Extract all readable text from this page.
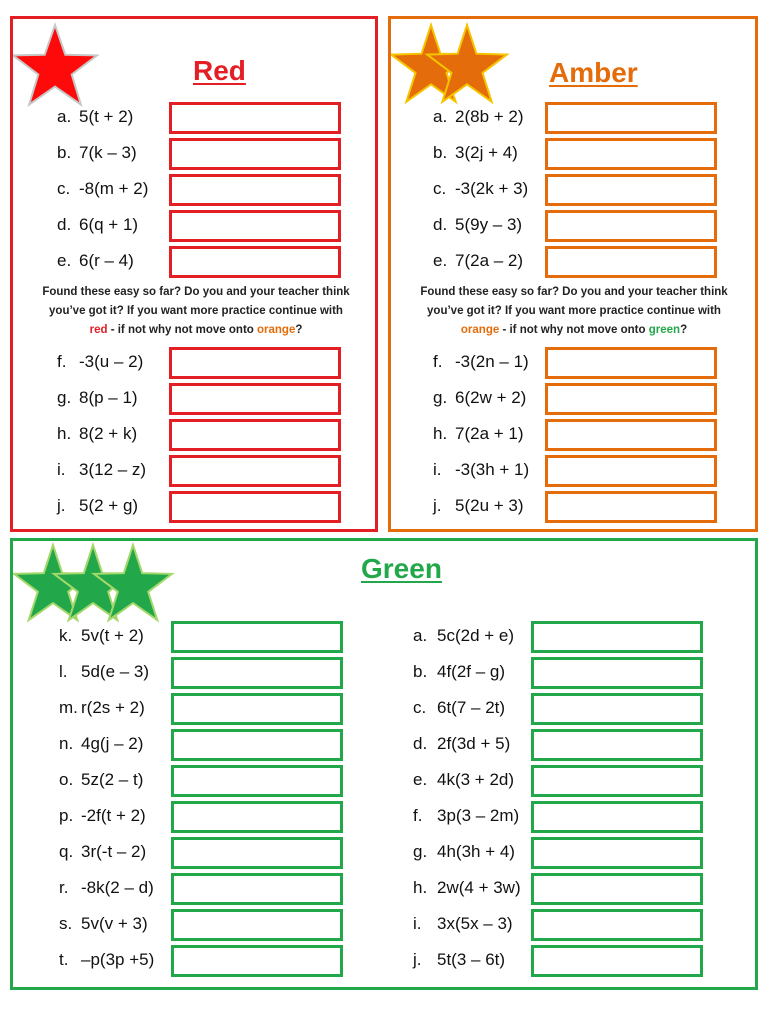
Red
a. 5(t + 2)
b. 7(k – 3)
c. -8(m + 2)
d. 6(q + 1)
e. 6(r – 4)
Found these easy so far? Do you and your teacher think
you’ve got it? If you want more practice continue with
red - if not why not move onto orange?
f. -3(u – 2)
g. 8(p – 1)
h. 8(2 + k)
i. 3(12 – z)
j. 5(2 + g)
Amber
a. 2(8b + 2)
b. 3(2j + 4)
c. -3(2k + 3)
d. 5(9y – 3)
e. 7(2a – 2)
Found these easy so far? Do you and your teacher think
you’ve got it? If you want more practice continue with
orange - if not why not move onto green?
f. -3(2n – 1)
g. 6(2w + 2)
h. 7(2a + 1)
i. -3(3h + 1)
j. 5(2u + 3)
Green
k. 5v(t + 2)
l. 5d(e – 3)
m. r(2s + 2)
n. 4g(j – 2)
o. 5z(2 – t)
p. -2f(t + 2)
q. 3r(-t – 2)
r. -8k(2 – d)
s. 5v(v + 3)
t. –p(3p +5)
a. 5c(2d + e)
b. 4f(2f – g)
c. 6t(7 – 2t)
d. 2f(3d + 5)
e. 4k(3 + 2d)
f. 3p(3 – 2m)
g. 4h(3h + 4)
h. 2w(4 + 3w)
i. 3x(5x – 3)
j. 5t(3 – 6t)
